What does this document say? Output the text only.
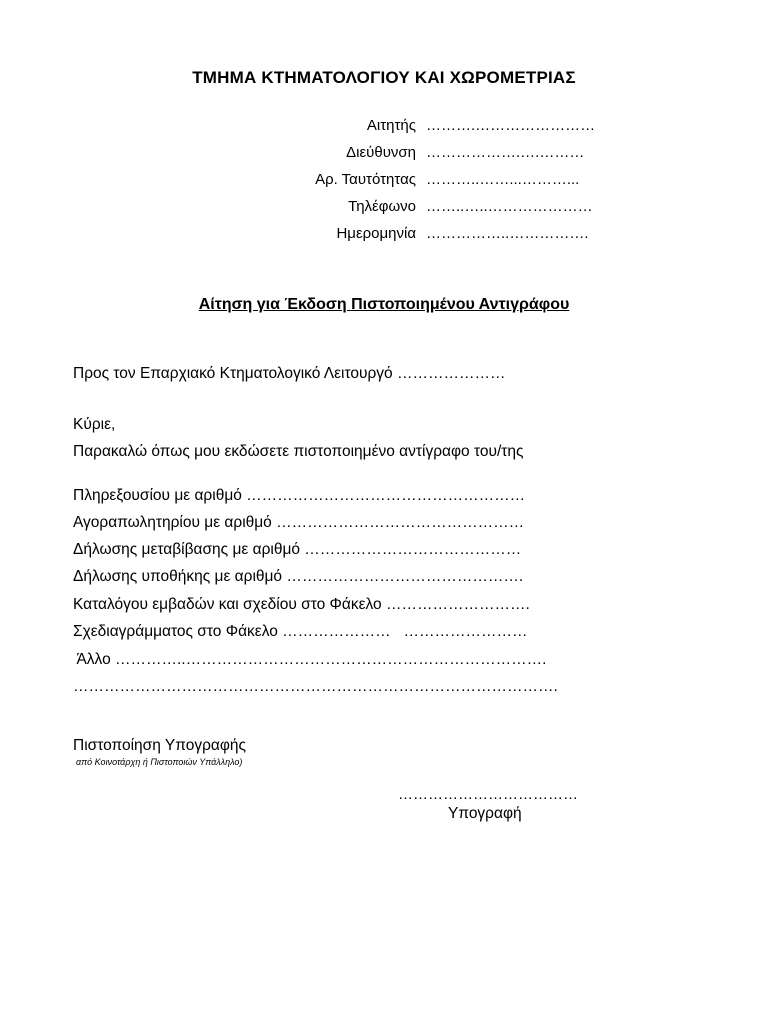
ΤΜΗΜΑ ΚΤΗΜΑΤΟΛΟΓΙΟΥ ΚΑΙ ΧΩΡΟΜΕΤΡΙΑΣ
Αιτητής ……….……………………
Διεύθυνση ……………….….………
Αρ. Ταυτότητας ………..……...………...
Τηλέφωνο ……..…..…………………
Ημερομηνία ……………..…………….
Αίτηση για Έκδοση Πιστοποιημένου Αντιγράφου
Προς τον Επαρχιακό Κτηματολογικό Λειτουργό …………………
Κύριε,
Παρακαλώ όπως μου εκδώσετε πιστοποιημένο αντίγραφο του/της
Πληρεξουσίου με αριθμό ………………………………………………
Αγοραπωλητηρίου με αριθμό …………………………………………
Δήλωσης μεταβίβασης με αριθμό ……………………………………
Δήλωσης υποθήκης με αριθμό ……………………………………….
Καταλόγου εμβαδών και σχεδίου στο Φάκελο ……………………….
Σχεδιαγράμματος στο Φάκελο …………………   ……………………
Άλλο …………..…………………………………………………………….
………………………………………………………………………………….
Πιστοποίηση Υπογραφής
από Κοινοτάρχη ή Πιστοποιών Υπάλληλο)
………………………………
Υπογραφή
